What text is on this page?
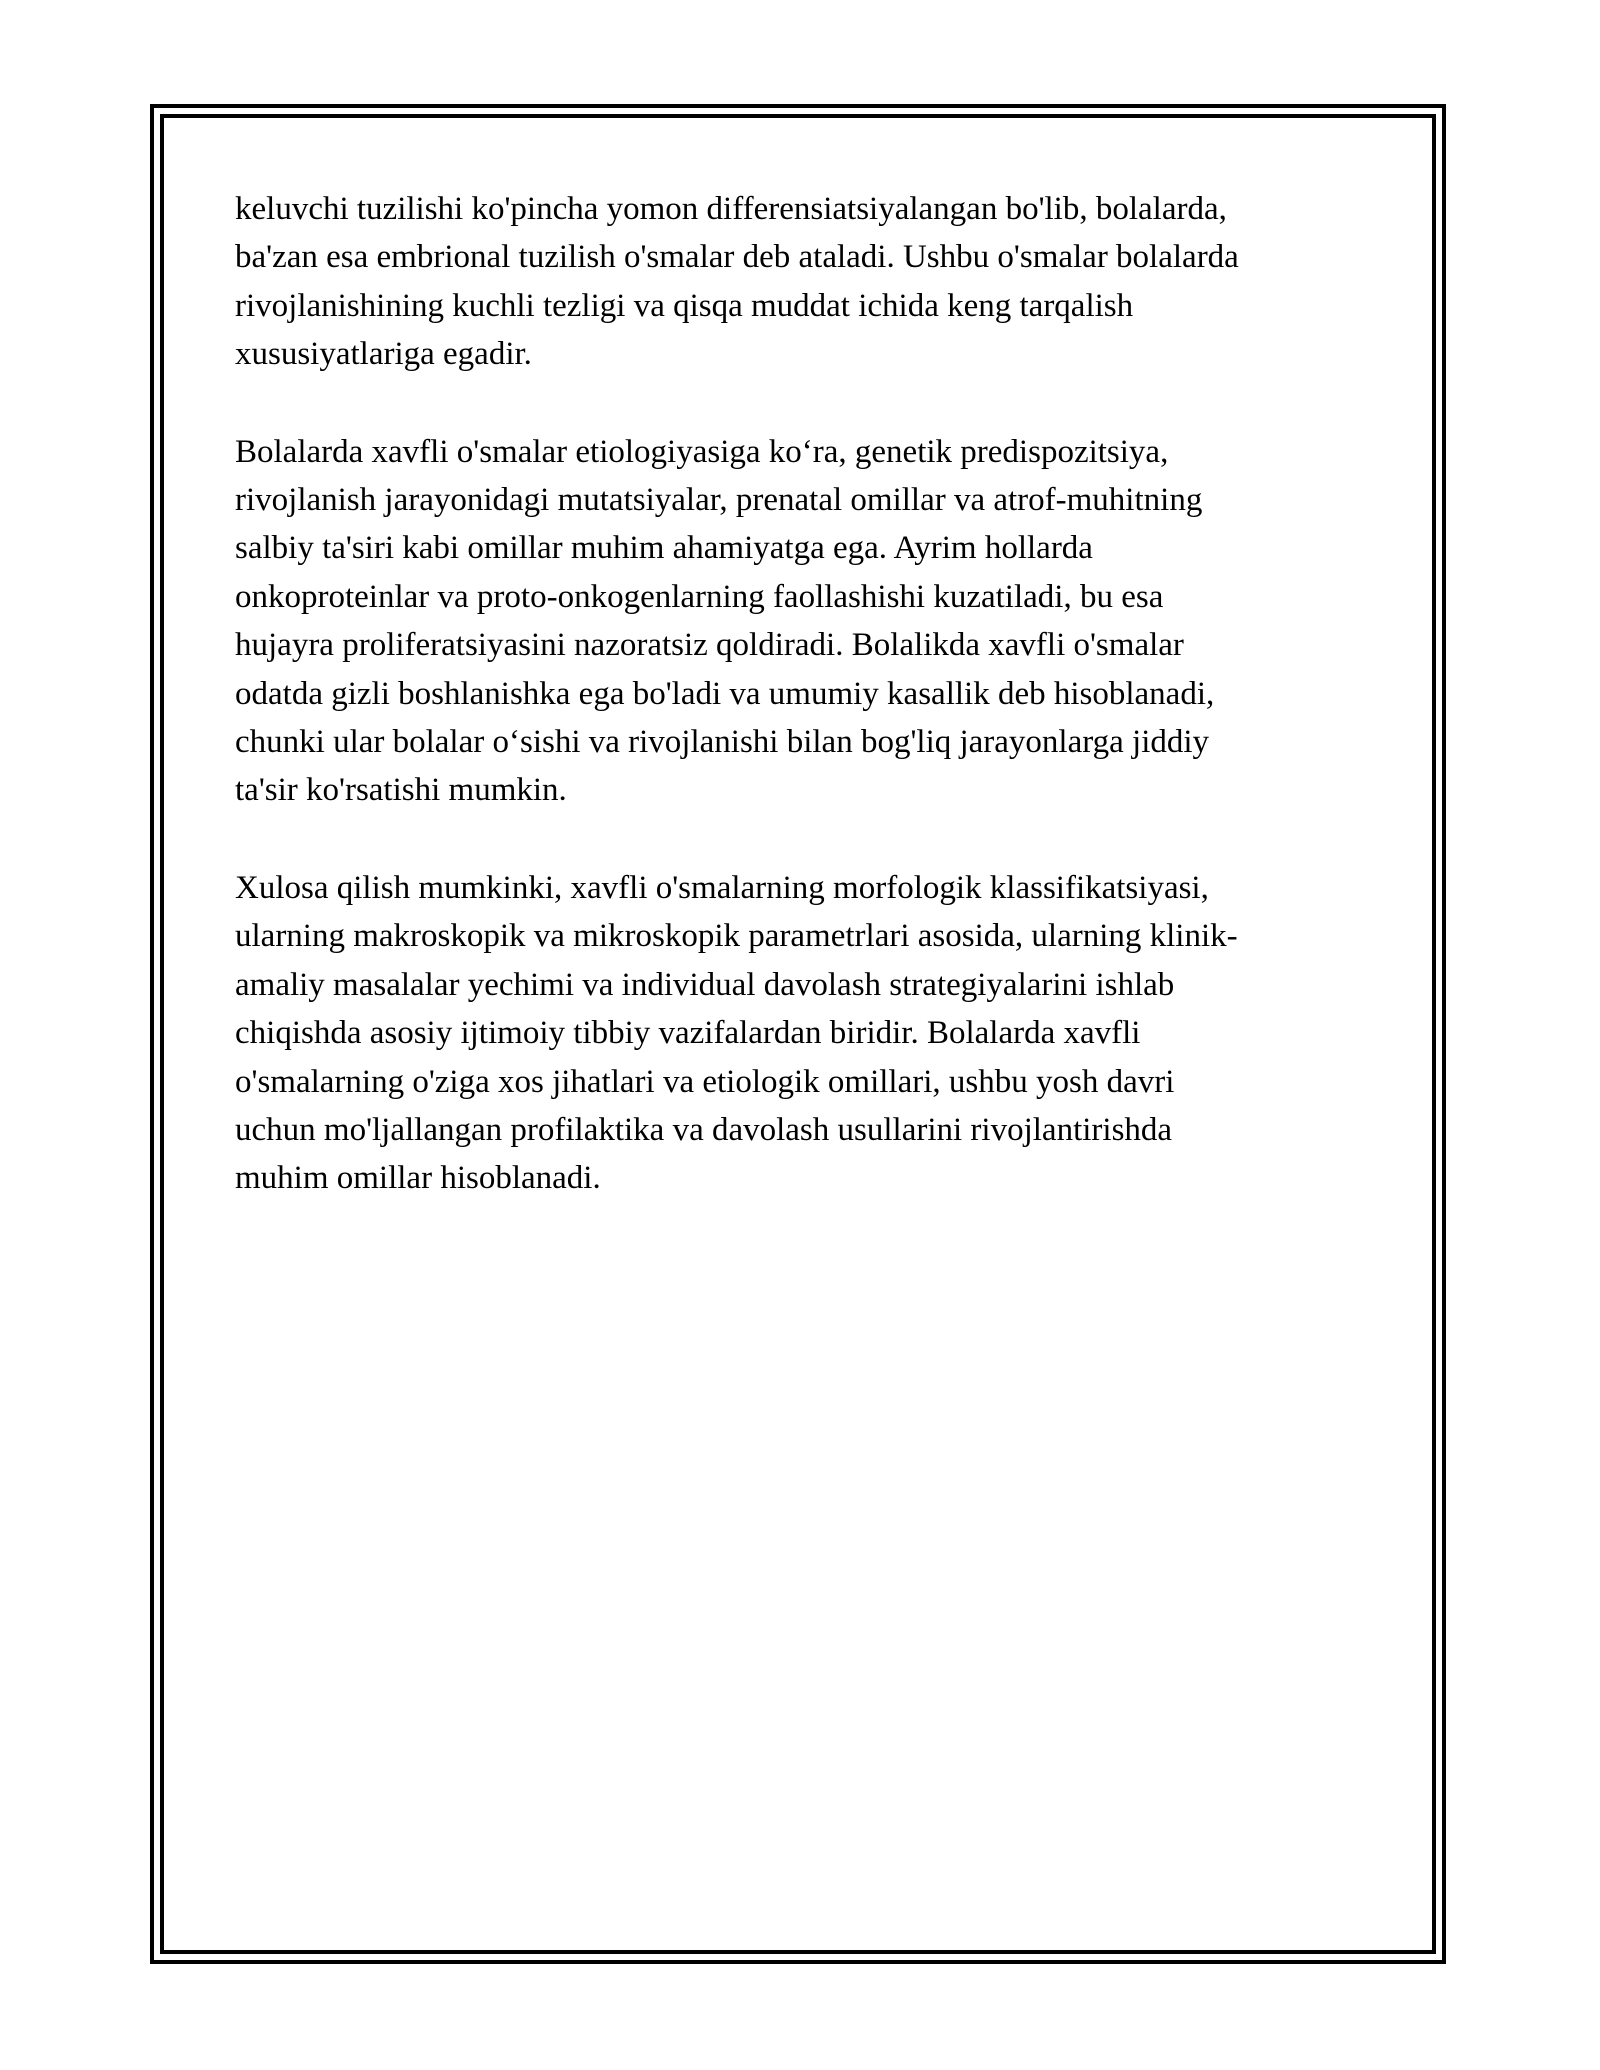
keluvchi tuzilishi ko'pincha yomon differensiatsiyalangan bo'lib, bolalarda,
ba'zan esa embrional tuzilish o'smalar deb ataladi. Ushbu o'smalar bolalarda
rivojlanishining kuchli tezligi va qisqa muddat ichida keng tarqalish
xususiyatlariga egadir.

Bolalarda xavfli o'smalar etiologiyasiga koʻra, genetik predispozitsiya,
rivojlanish jarayonidagi mutatsiyalar, prenatal omillar va atrof-muhitning
salbiy ta'siri kabi omillar muhim ahamiyatga ega. Ayrim hollarda
onkoproteinlar va proto-onkogenlarning faollashishi kuzatiladi, bu esa
hujayra proliferatsiyasini nazoratsiz qoldiradi. Bolalikda xavfli o'smalar
odatda gizli boshlanishka ega bo'ladi va umumiy kasallik deb hisoblanadi,
chunki ular bolalar oʻsishi va rivojlanishi bilan bog'liq jarayonlarga jiddiy
ta'sir ko'rsatishi mumkin.

Xulosa qilish mumkinki, xavfli o'smalarning morfologik klassifikatsiyasi,
ularning makroskopik va mikroskopik parametrlari asosida, ularning klinik-
amaliy masalalar yechimi va individual davolash strategiyalarini ishlab
chiqishda asosiy ijtimoiy tibbiy vazifalardan biridir. Bolalarda xavfli
o'smalarning o'ziga xos jihatlari va etiologik omillari, ushbu yosh davri
uchun mo'ljallangan profilaktika va davolash usullarini rivojlantirishda
muhim omillar hisoblanadi.
